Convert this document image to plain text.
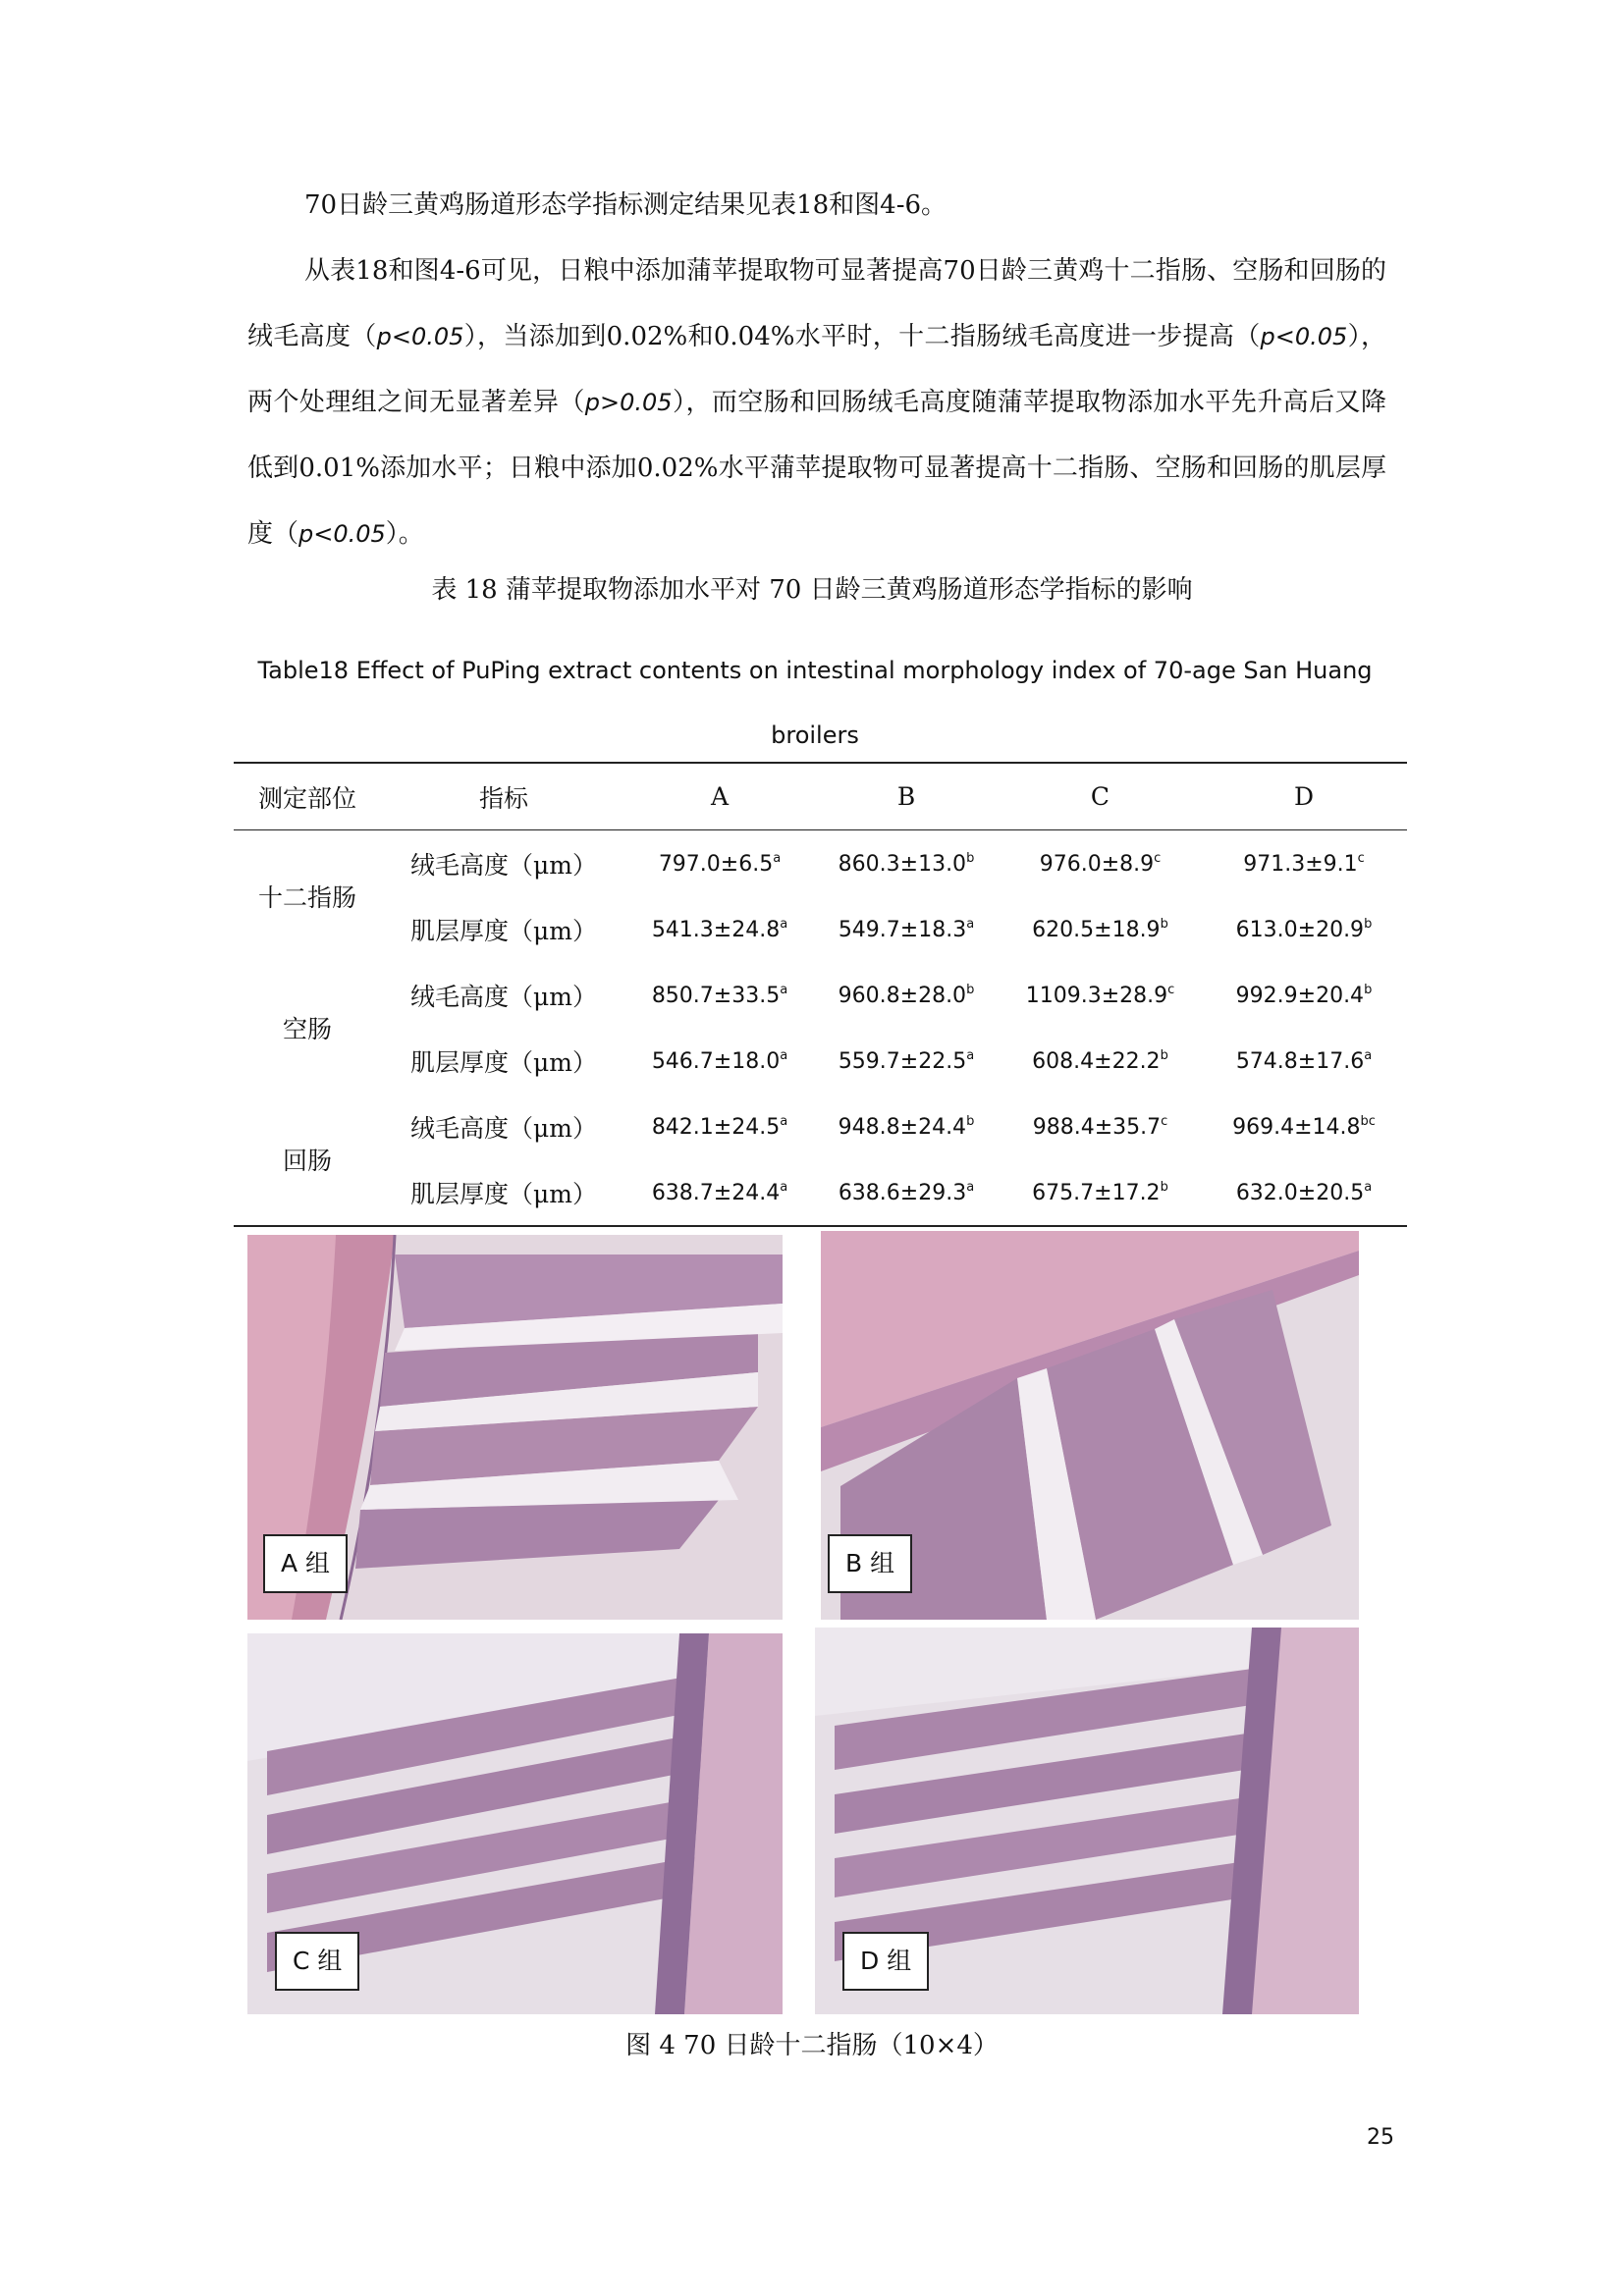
70日龄三黄鸡肠道形态学指标测定结果见表18和图4-6。
从表18和图4-6可见，日粮中添加蒲苹提取物可显著提高70日龄三黄鸡十二指肠、空肠和回肠的绒毛高度（p<0.05），当添加到0.02%和0.04%水平时，十二指肠绒毛高度进一步提高（p<0.05），两个处理组之间无显著差异（p>0.05），而空肠和回肠绒毛高度随蒲苹提取物添加水平先升高后又降低到0.01%添加水平；日粮中添加0.02%水平蒲苹提取物可显著提高十二指肠、空肠和回肠的肌层厚度（p<0.05）。
表 18 蒲苹提取物添加水平对 70 日龄三黄鸡肠道形态学指标的影响
Table18 Effect of PuPing extract contents on intestinal morphology index of 70-age San Huang broilers
测定部位	指标	A	B	C	D
十二指肠	绒毛高度（μm）	797.0±6.5$^a$	860.3±13.0$^b$	976.0±8.9$^c$	971.3±9.1$^c$
	肌层厚度（μm）	541.3±24.8$^a$	549.7±18.3$^a$	620.5±18.9$^b$	613.0±20.9$^b$
空肠	绒毛高度（μm）	850.7±33.5$^a$	960.8±28.0$^b$	1109.3±28.9$^c$	992.9±20.4$^b$
	肌层厚度（μm）	546.7±18.0$^a$	559.7±22.5$^a$	608.4±22.2$^b$	574.8±17.6$^a$
回肠	绒毛高度（μm）	842.1±24.5$^a$	948.8±24.4$^b$	988.4±35.7$^c$	969.4±14.8$^{bc}$
	肌层厚度（μm）	638.7±24.4$^a$	638.6±29.3$^a$	675.7±17.2$^b$	632.0±20.5$^a$
A 组	B 组
C 组	D 组
图 4 70 日龄十二指肠（10×4）
25
